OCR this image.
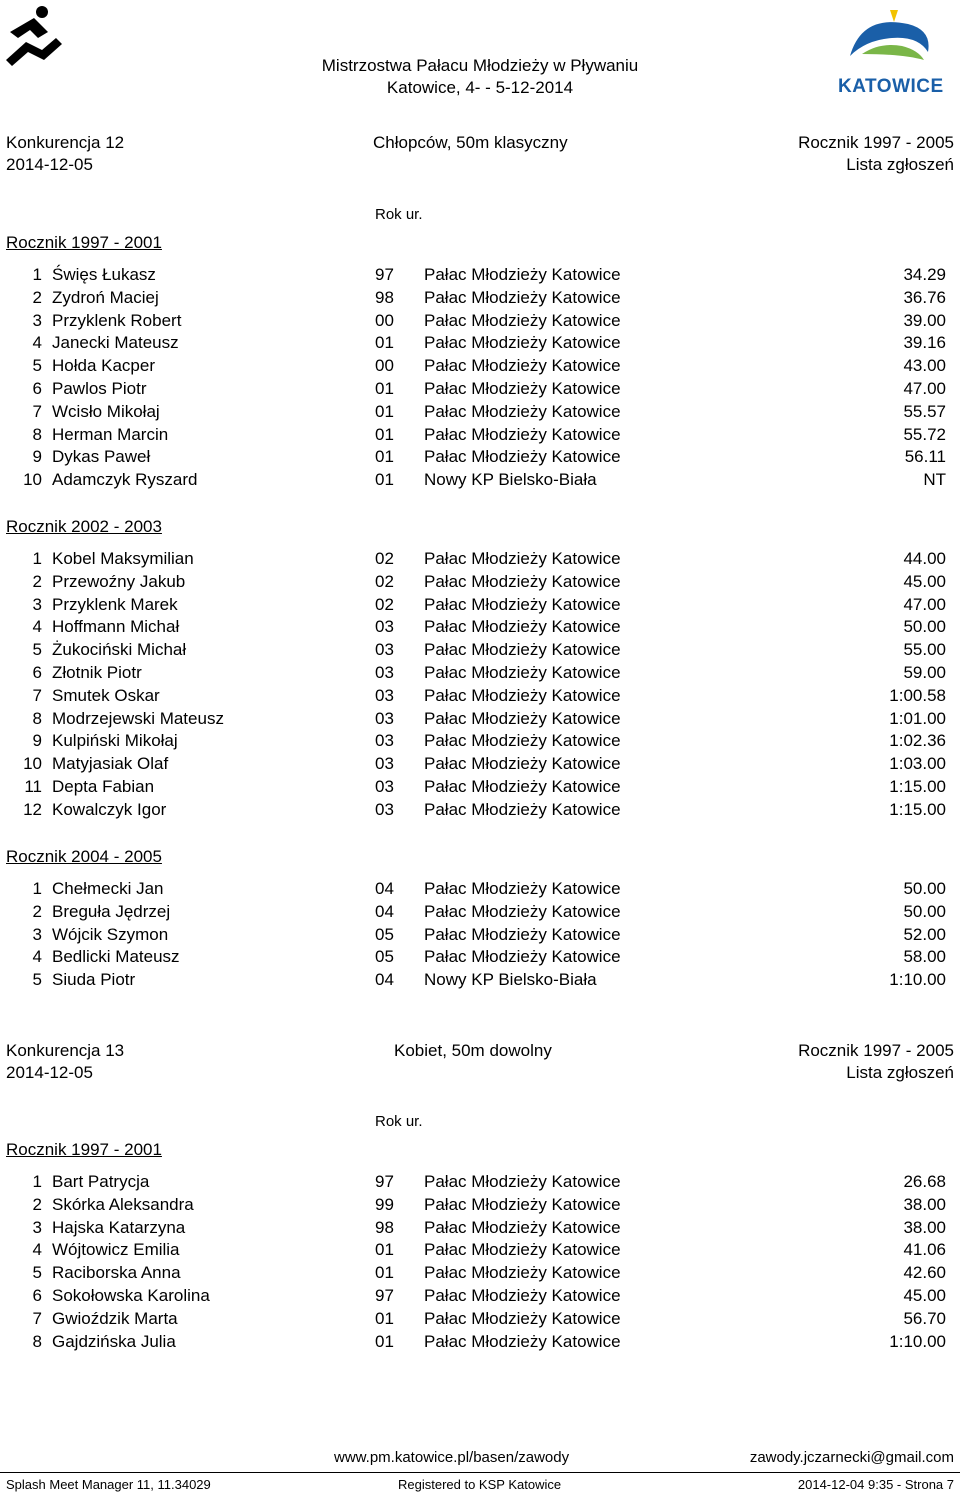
KATOWICE
Mistrzostwa Pałacu Młodzieży w Pływaniu
Katowice, 4- - 5-12-2014
Konkurencja 12	Chłopców, 50m klasyczny	Rocznik 1997 - 2005
2014-12-05	Lista zgłoszeń
Rok ur.
Rocznik 1997 - 2001
1 Święs Łukasz	97 Pałac Młodzieży Katowice	34.29
2 Zydroń Maciej	98 Pałac Młodzieży Katowice	36.76
3 Przyklenk Robert	00 Pałac Młodzieży Katowice	39.00
4 Janecki Mateusz	01 Pałac Młodzieży Katowice	39.16
5 Hołda Kacper	00 Pałac Młodzieży Katowice	43.00
6 Pawlos Piotr	01 Pałac Młodzieży Katowice	47.00
7 Wcisło Mikołaj	01 Pałac Młodzieży Katowice	55.57
8 Herman Marcin	01 Pałac Młodzieży Katowice	55.72
9 Dykas Paweł	01 Pałac Młodzieży Katowice	56.11
10 Adamczyk Ryszard	01 Nowy KP Bielsko-Biała	NT
Rocznik 2002 - 2003
1 Kobel Maksymilian	02 Pałac Młodzieży Katowice	44.00
2 Przewoźny Jakub	02 Pałac Młodzieży Katowice	45.00
3 Przyklenk Marek	02 Pałac Młodzieży Katowice	47.00
4 Hoffmann Michał	03 Pałac Młodzieży Katowice	50.00
5 Żukociński Michał	03 Pałac Młodzieży Katowice	55.00
6 Złotnik Piotr	03 Pałac Młodzieży Katowice	59.00
7 Smutek Oskar	03 Pałac Młodzieży Katowice	1:00.58
8 Modrzejewski Mateusz	03 Pałac Młodzieży Katowice	1:01.00
9 Kulpiński Mikołaj	03 Pałac Młodzieży Katowice	1:02.36
10 Matyjasiak Olaf	03 Pałac Młodzieży Katowice	1:03.00
11 Depta Fabian	03 Pałac Młodzieży Katowice	1:15.00
12 Kowalczyk Igor	03 Pałac Młodzieży Katowice	1:15.00
Rocznik 2004 - 2005
1 Chełmecki Jan	04 Pałac Młodzieży Katowice	50.00
2 Breguła Jędrzej	04 Pałac Młodzieży Katowice	50.00
3 Wójcik Szymon	05 Pałac Młodzieży Katowice	52.00
4 Bedlicki Mateusz	05 Pałac Młodzieży Katowice	58.00
5 Siuda Piotr	04 Nowy KP Bielsko-Biała	1:10.00
Konkurencja 13	Kobiet, 50m dowolny	Rocznik 1997 - 2005
2014-12-05	Lista zgłoszeń
Rok ur.
Rocznik 1997 - 2001
1 Bart Patrycja	97 Pałac Młodzieży Katowice	26.68
2 Skórka Aleksandra	99 Pałac Młodzieży Katowice	38.00
3 Hajska Katarzyna	98 Pałac Młodzieży Katowice	38.00
4 Wójtowicz Emilia	01 Pałac Młodzieży Katowice	41.06
5 Raciborska Anna	01 Pałac Młodzieży Katowice	42.60
6 Sokołowska Karolina	97 Pałac Młodzieży Katowice	45.00
7 Gwioździk Marta	01 Pałac Młodzieży Katowice	56.70
8 Gajdzińska Julia	01 Pałac Młodzieży Katowice	1:10.00
www.pm.katowice.pl/basen/zawody	zawody.jczarnecki@gmail.com
Splash Meet Manager 11, 11.34029	Registered to KSP Katowice	2014-12-04 9:35 - Strona 7
